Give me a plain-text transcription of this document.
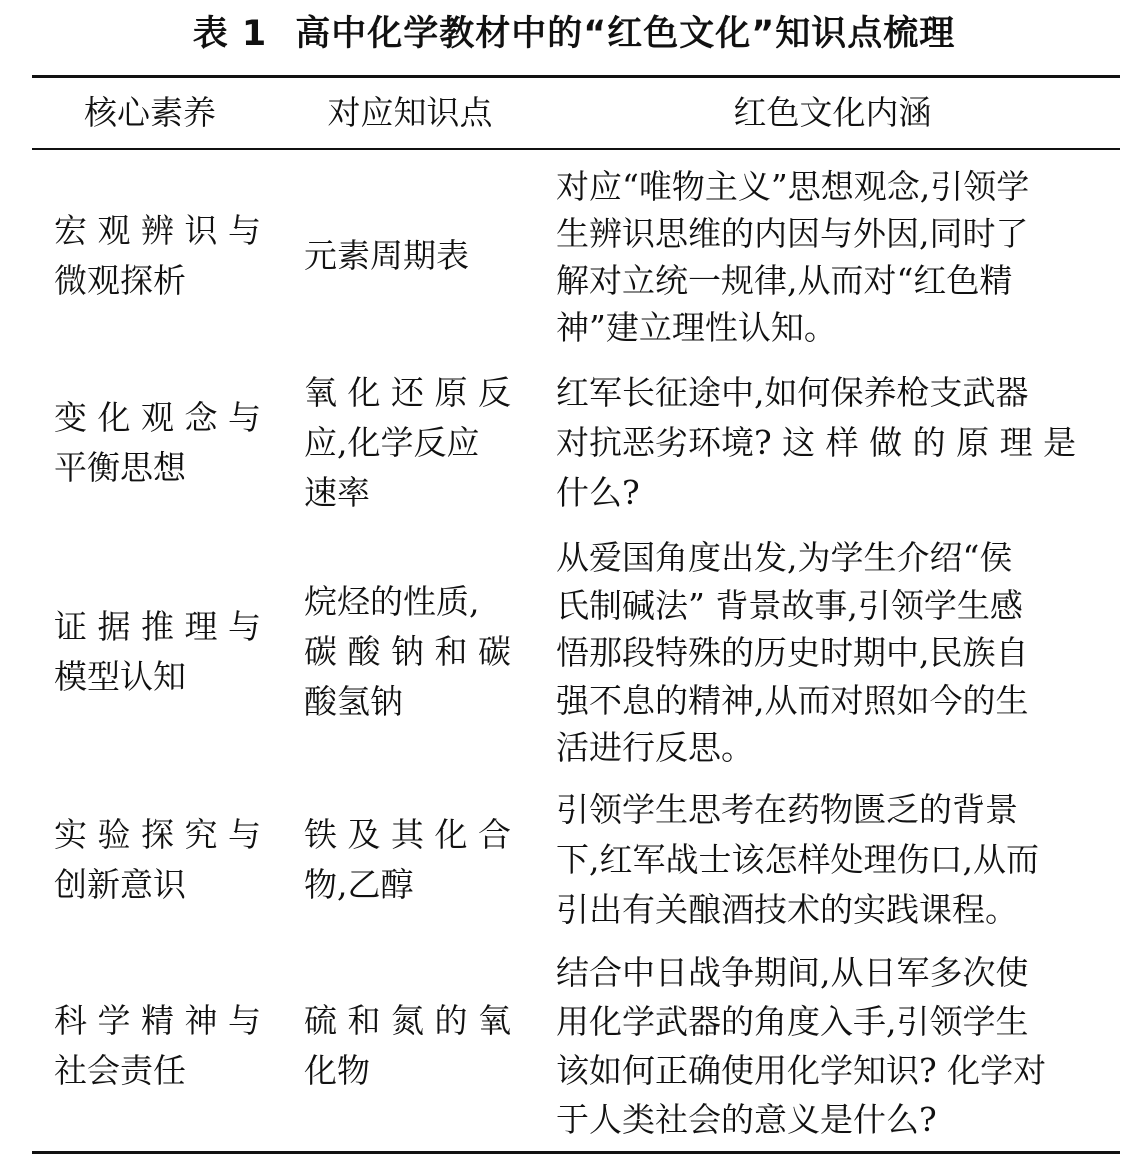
表 1 高中化学教材中的“红色文化”知识点梳理
核心素养	对应知识点	红色文化内涵
宏 观 辨 识 与
微观探析
元素周期表
对应“唯物主义”思想观念,引领学
生辨识思维的内因与外因,同时了
解对立统一规律,从而对“红色精
神”建立理性认知。
变 化 观 念 与
平衡思想
氧 化 还 原 反
应,化学反应
速率
红军长征途中,如何保养枪支武器
对抗恶劣环境? 这 样 做 的 原 理 是
什么?
证 据 推 理 与
模型认知
烷烃的性质,
碳 酸 钠 和 碳
酸氢钠
从爱国角度出发,为学生介绍“侯
氏制碱法” 背景故事,引领学生感
悟那段特殊的历史时期中,民族自
强不息的精神,从而对照如今的生
活进行反思。
实 验 探 究 与
创新意识
铁 及 其 化 合
物,乙醇
引领学生思考在药物匮乏的背景
下,红军战士该怎样处理伤口,从而
引出有关酿酒技术的实践课程。
科 学 精 神 与
社会责任
硫 和 氮 的 氧
化物
结合中日战争期间,从日军多次使
用化学武器的角度入手,引领学生
该如何正确使用化学知识? 化学对
于人类社会的意义是什么?
